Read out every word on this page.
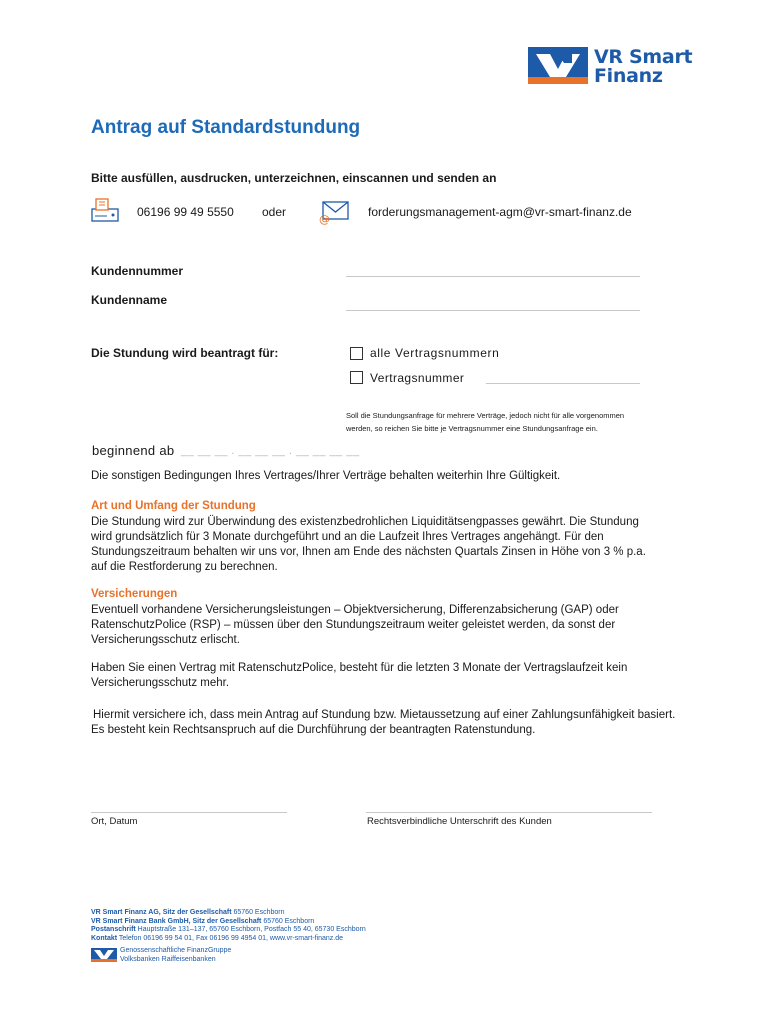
VR Smart
Finanz
Antrag auf Standardstundung
Bitte ausfüllen, ausdrucken, unterzeichnen, einscannen und senden an
06196 99 49 5550 oder
@
forderungsmanagement-agm@vr-smart-finanz.de
Kundennummer
Kundenname
Die Stundung wird beantragt für:	alle Vertragsnummern
Vertragsnummer
Soll die Stundungsanfrage für mehrere Verträge, jedoch nicht für alle vorgenommen
werden, so reichen Sie bitte je Vertragsnummer eine Stundungsanfrage ein.
beginnend ab __ __ __ . __ __ __ . __ __ __ __
Die sonstigen Bedingungen Ihres Vertrages/Ihrer Verträge behalten weiterhin Ihre Gültigkeit.
Art und Umfang der Stundung
Die Stundung wird zur Überwindung des existenzbedrohlichen Liquiditätsengpasses gewährt. Die Stundung
wird grundsätzlich für 3 Monate durchgeführt und an die Laufzeit Ihres Vertrages angehängt. Für den
Stundungszeitraum behalten wir uns vor, Ihnen am Ende des nächsten Quartals Zinsen in Höhe von 3 % p.a.
auf die Restforderung zu berechnen.
Versicherungen
Eventuell vorhandene Versicherungsleistungen – Objektversicherung, Differenzabsicherung (GAP) oder
RatenschutzPolice (RSP) – müssen über den Stundungszeitraum weiter geleistet werden, da sonst der
Versicherungsschutz erlischt.
Haben Sie einen Vertrag mit RatenschutzPolice, besteht für die letzten 3 Monate der Vertragslaufzeit kein
Versicherungsschutz mehr.
Hiermit versichere ich, dass mein Antrag auf Stundung bzw. Mietaussetzung auf einer Zahlungsunfähigkeit basiert.
Es besteht kein Rechtsanspruch auf die Durchführung der beantragten Ratenstundung.
Ort, Datum	Rechtsverbindliche Unterschrift des Kunden
VR Smart Finanz AG, Sitz der Gesellschaft 65760 Eschborn
VR Smart Finanz Bank GmbH, Sitz der Gesellschaft 65760 Eschborn
Postanschrift Hauptstraße 131–137, 65760 Eschborn, Postfach 55 40, 65730 Eschborn
Kontakt Telefon 06196 99 54 01, Fax 06196 99 4954 01, www.vr-smart-finanz.de
Genossenschaftliche FinanzGruppe
Volksbanken Raiffeisenbanken
